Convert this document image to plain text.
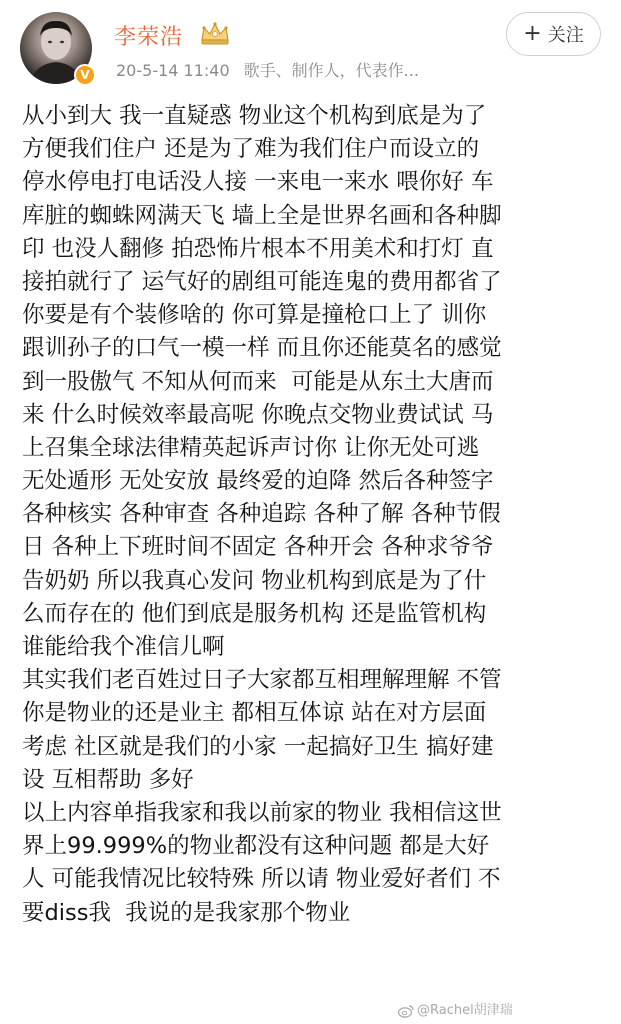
V
李荣浩
20-5-14 11:40 歌手、制作人，代表作...
+ 关注
从小到大 我一直疑惑 物业这个机构到底是为了
方便我们住户 还是为了难为我们住户而设立的
停水停电打电话没人接 一来电一来水 喂你好 车
库脏的蜘蛛网满天飞 墙上全是世界名画和各种脚
印 也没人翻修 拍恐怖片根本不用美术和打灯 直
接拍就行了 运气好的剧组可能连鬼的费用都省了
你要是有个装修啥的 你可算是撞枪口上了 训你
跟训孙子的口气一模一样 而且你还能莫名的感觉
到一股傲气 不知从何而来  可能是从东土大唐而
来 什么时候效率最高呢 你晚点交物业费试试 马
上召集全球法律精英起诉声讨你 让你无处可逃
无处遁形 无处安放 最终爱的迫降 然后各种签字
各种核实 各种审查 各种追踪 各种了解 各种节假
日 各种上下班时间不固定 各种开会 各种求爷爷
告奶奶 所以我真心发问 物业机构到底是为了什
么而存在的 他们到底是服务机构 还是监管机构
谁能给我个准信儿啊
其实我们老百姓过日子大家都互相理解理解 不管
你是物业的还是业主 都相互体谅 站在对方层面
考虑 社区就是我们的小家 一起搞好卫生 搞好建
设 互相帮助 多好
以上内容单指我家和我以前家的物业 我相信这世
界上99.999%的物业都没有这种问题 都是大好
人 可能我情况比较特殊 所以请 物业爱好者们 不
要diss我  我说的是我家那个物业
@Rachel胡津瑞
